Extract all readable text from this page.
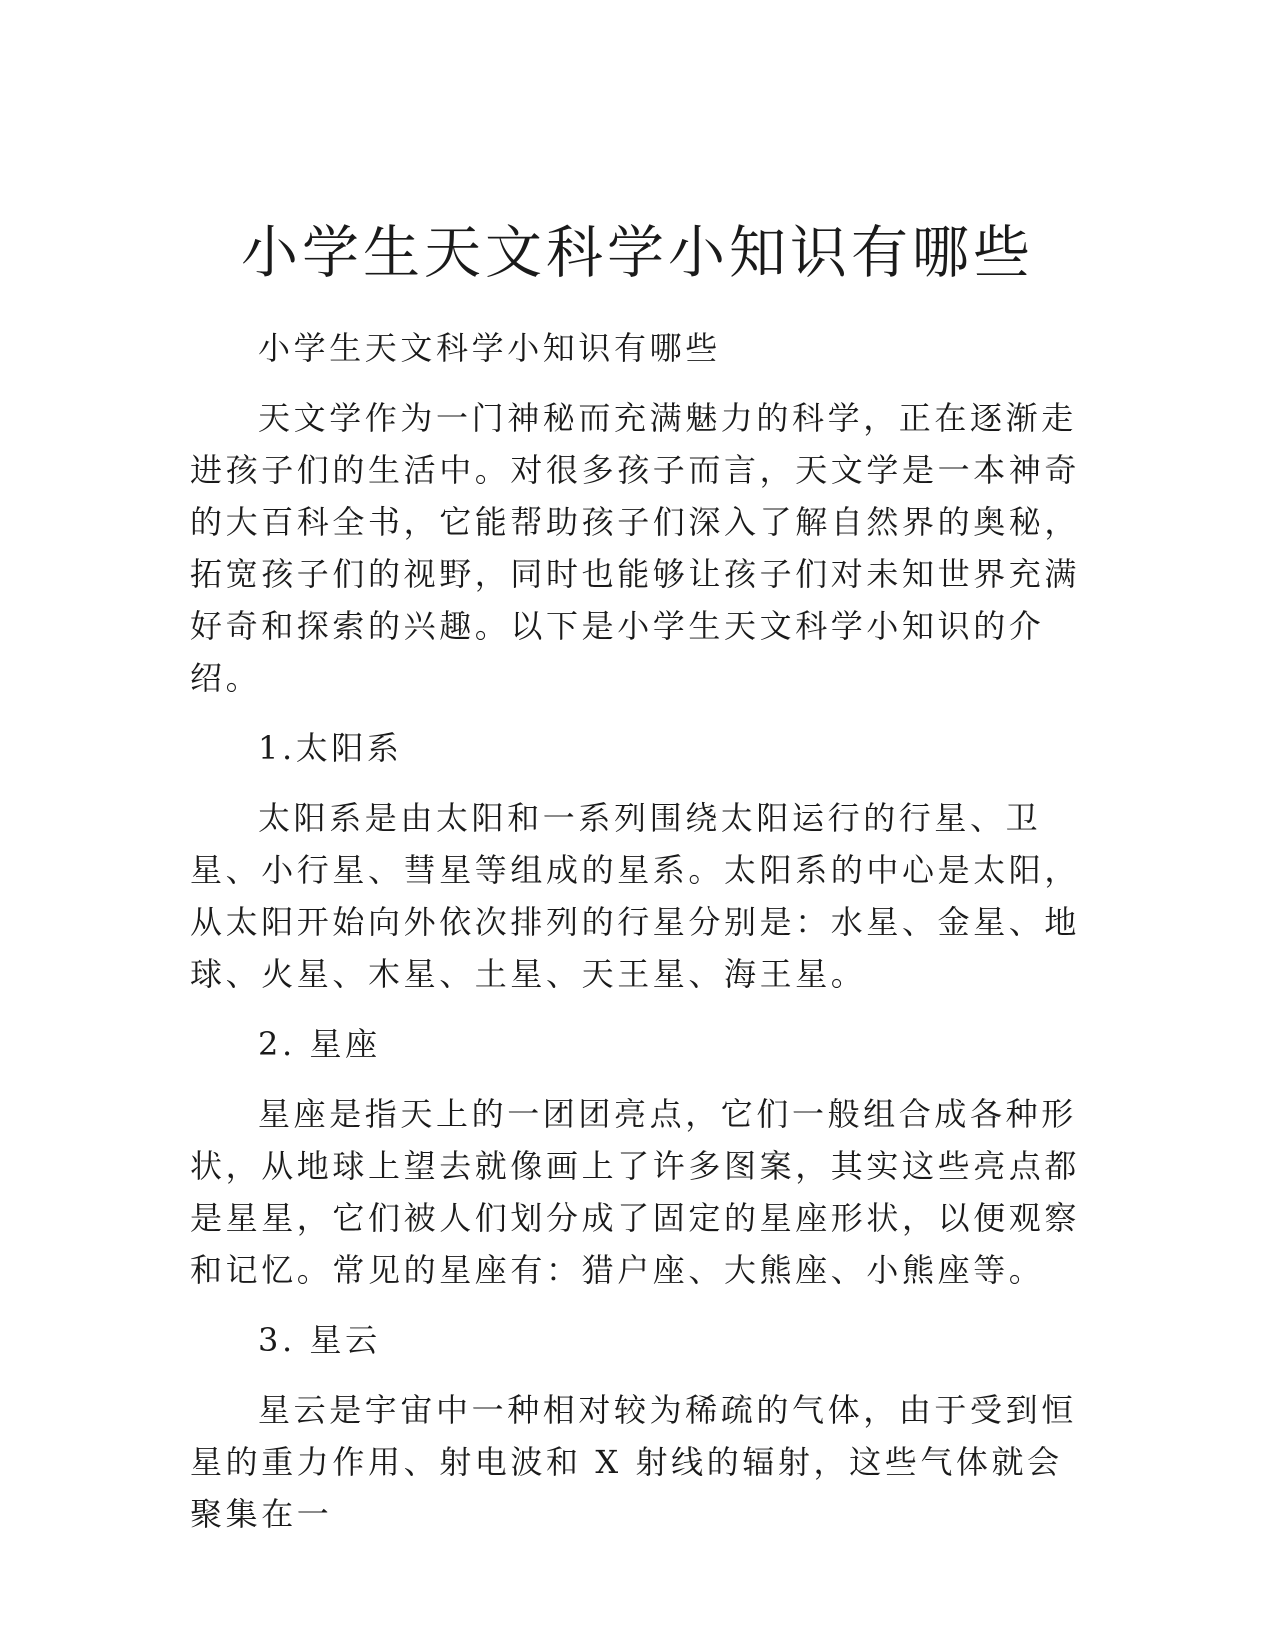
小学生天文科学小知识有哪些

小学生天文科学小知识有哪些

天文学作为一门神秘而充满魅力的科学，正在逐渐走进孩子们的生活中。对很多孩子而言，天文学是一本神奇的大百科全书，它能帮助孩子们深入了解自然界的奥秘，拓宽孩子们的视野，同时也能够让孩子们对未知世界充满好奇和探索的兴趣。以下是小学生天文科学小知识的介绍。

1.太阳系

太阳系是由太阳和一系列围绕太阳运行的行星、卫星、小行星、彗星等组成的星系。太阳系的中心是太阳，从太阳开始向外依次排列的行星分别是：水星、金星、地球、火星、木星、土星、天王星、海王星。

2. 星座

星座是指天上的一团团亮点，它们一般组合成各种形状，从地球上望去就像画上了许多图案，其实这些亮点都是星星，它们被人们划分成了固定的星座形状，以便观察和记忆。常见的星座有：猎户座、大熊座、小熊座等。

3. 星云

星云是宇宙中一种相对较为稀疏的气体，由于受到恒星的重力作用、射电波和 X 射线的辐射，这些气体就会聚集在一
